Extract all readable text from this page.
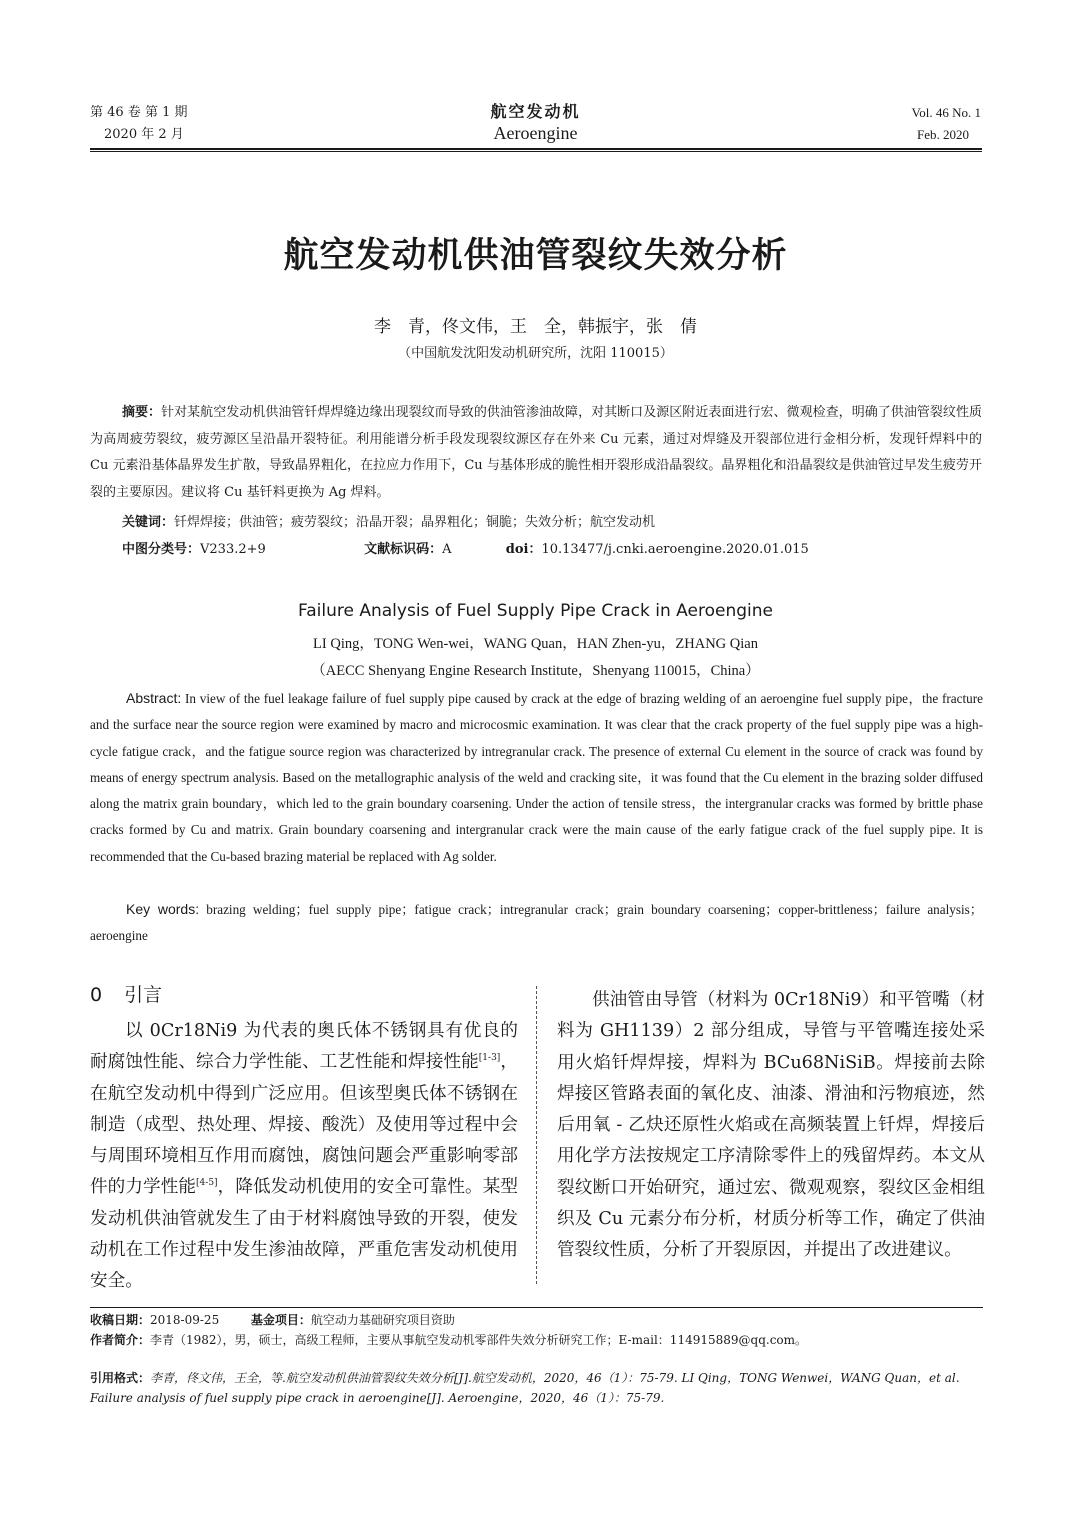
第 46 卷 第 1 期
2020 年 2 月
航空发动机
Aeroengine
Vol. 46 No. 1
Feb. 2020
航空发动机供油管裂纹失效分析
李　青，佟文伟，王　全，韩振宇，张　倩
（中国航发沈阳发动机研究所，沈阳 110015）
摘要：针对某航空发动机供油管钎焊焊缝边缘出现裂纹而导致的供油管渗油故障，对其断口及源区附近表面进行宏、微观检查，明确了供油管裂纹性质为高周疲劳裂纹，疲劳源区呈沿晶开裂特征。利用能谱分析手段发现裂纹源区存在外来 Cu 元素，通过对焊缝及开裂部位进行金相分析，发现钎焊料中的 Cu 元素沿基体晶界发生扩散，导致晶界粗化，在拉应力作用下，Cu 与基体形成的脆性相开裂形成沿晶裂纹。晶界粗化和沿晶裂纹是供油管过早发生疲劳开裂的主要原因。建议将 Cu 基钎料更换为 Ag 焊料。
关键词：钎焊焊接；供油管；疲劳裂纹；沿晶开裂；晶界粗化；铜脆；失效分析；航空发动机
中图分类号：V233.2+9	文献标识码：A	doi：10.13477/j.cnki.aeroengine.2020.01.015
Failure Analysis of Fuel Supply Pipe Crack in Aeroengine
LI Qing，TONG Wen-wei，WANG Quan，HAN Zhen-yu，ZHANG Qian
（AECC Shenyang Engine Research Institute，Shenyang 110015，China）
Abstract: In view of the fuel leakage failure of fuel supply pipe caused by crack at the edge of brazing welding of an aeroengine fuel supply pipe，the fracture and the surface near the source region were examined by macro and microcosmic examination. It was clear that the crack property of the fuel supply pipe was a high-cycle fatigue crack，and the fatigue source region was characterized by intregranular crack. The presence of external Cu element in the source of crack was found by means of energy spectrum analysis. Based on the metallographic analysis of the weld and cracking site，it was found that the Cu element in the brazing solder diffused along the matrix grain boundary，which led to the grain boundary coarsening. Under the action of tensile stress，the intergranular cracks was formed by brittle phase cracks formed by Cu and matrix. Grain boundary coarsening and intergranular crack were the main cause of the early fatigue crack of the fuel supply pipe. It is recommended that the Cu-based brazing material be replaced with Ag solder.
Key words: brazing welding；fuel supply pipe；fatigue crack；intregranular crack；grain boundary coarsening；copper-brittleness；failure analysis；aeroengine
0 引言
以 0Cr18Ni9 为代表的奥氏体不锈钢具有优良的耐腐蚀性能、综合力学性能、工艺性能和焊接性能[1-3]，在航空发动机中得到广泛应用。但该型奥氏体不锈钢在制造（成型、热处理、焊接、酸洗）及使用等过程中会与周围环境相互作用而腐蚀，腐蚀问题会严重影响零部件的力学性能[4-5]，降低发动机使用的安全可靠性。某型发动机供油管就发生了由于材料腐蚀导致的开裂，使发动机在工作过程中发生渗油故障，严重危害发动机使用安全。
供油管由导管（材料为 0Cr18Ni9）和平管嘴（材料为 GH1139）2 部分组成，导管与平管嘴连接处采用火焰钎焊焊接，焊料为 BCu68NiSiB。焊接前去除焊接区管路表面的氧化皮、油漆、滑油和污物痕迹，然后用氧 - 乙炔还原性火焰或在高频装置上钎焊，焊接后用化学方法按规定工序清除零件上的残留焊药。本文从裂纹断口开始研究，通过宏、微观观察，裂纹区金相组织及 Cu 元素分布分析，材质分析等工作，确定了供油管裂纹性质，分析了开裂原因，并提出了改进建议。
收稿日期：2018-09-25	基金项目：航空动力基础研究项目资助
作者简介：李青（1982），男，硕士，高级工程师，主要从事航空发动机零部件失效分析研究工作；E-mail：114915889@qq.com。
引用格式：李青，佟文伟，王全，等.航空发动机供油管裂纹失效分析[J].航空发动机，2020，46（1）：75-79. LI Qing，TONG Wenwei，WANG Quan，et al. Failure analysis of fuel supply pipe crack in aeroengine[J]. Aeroengine，2020，46（1）：75-79.
